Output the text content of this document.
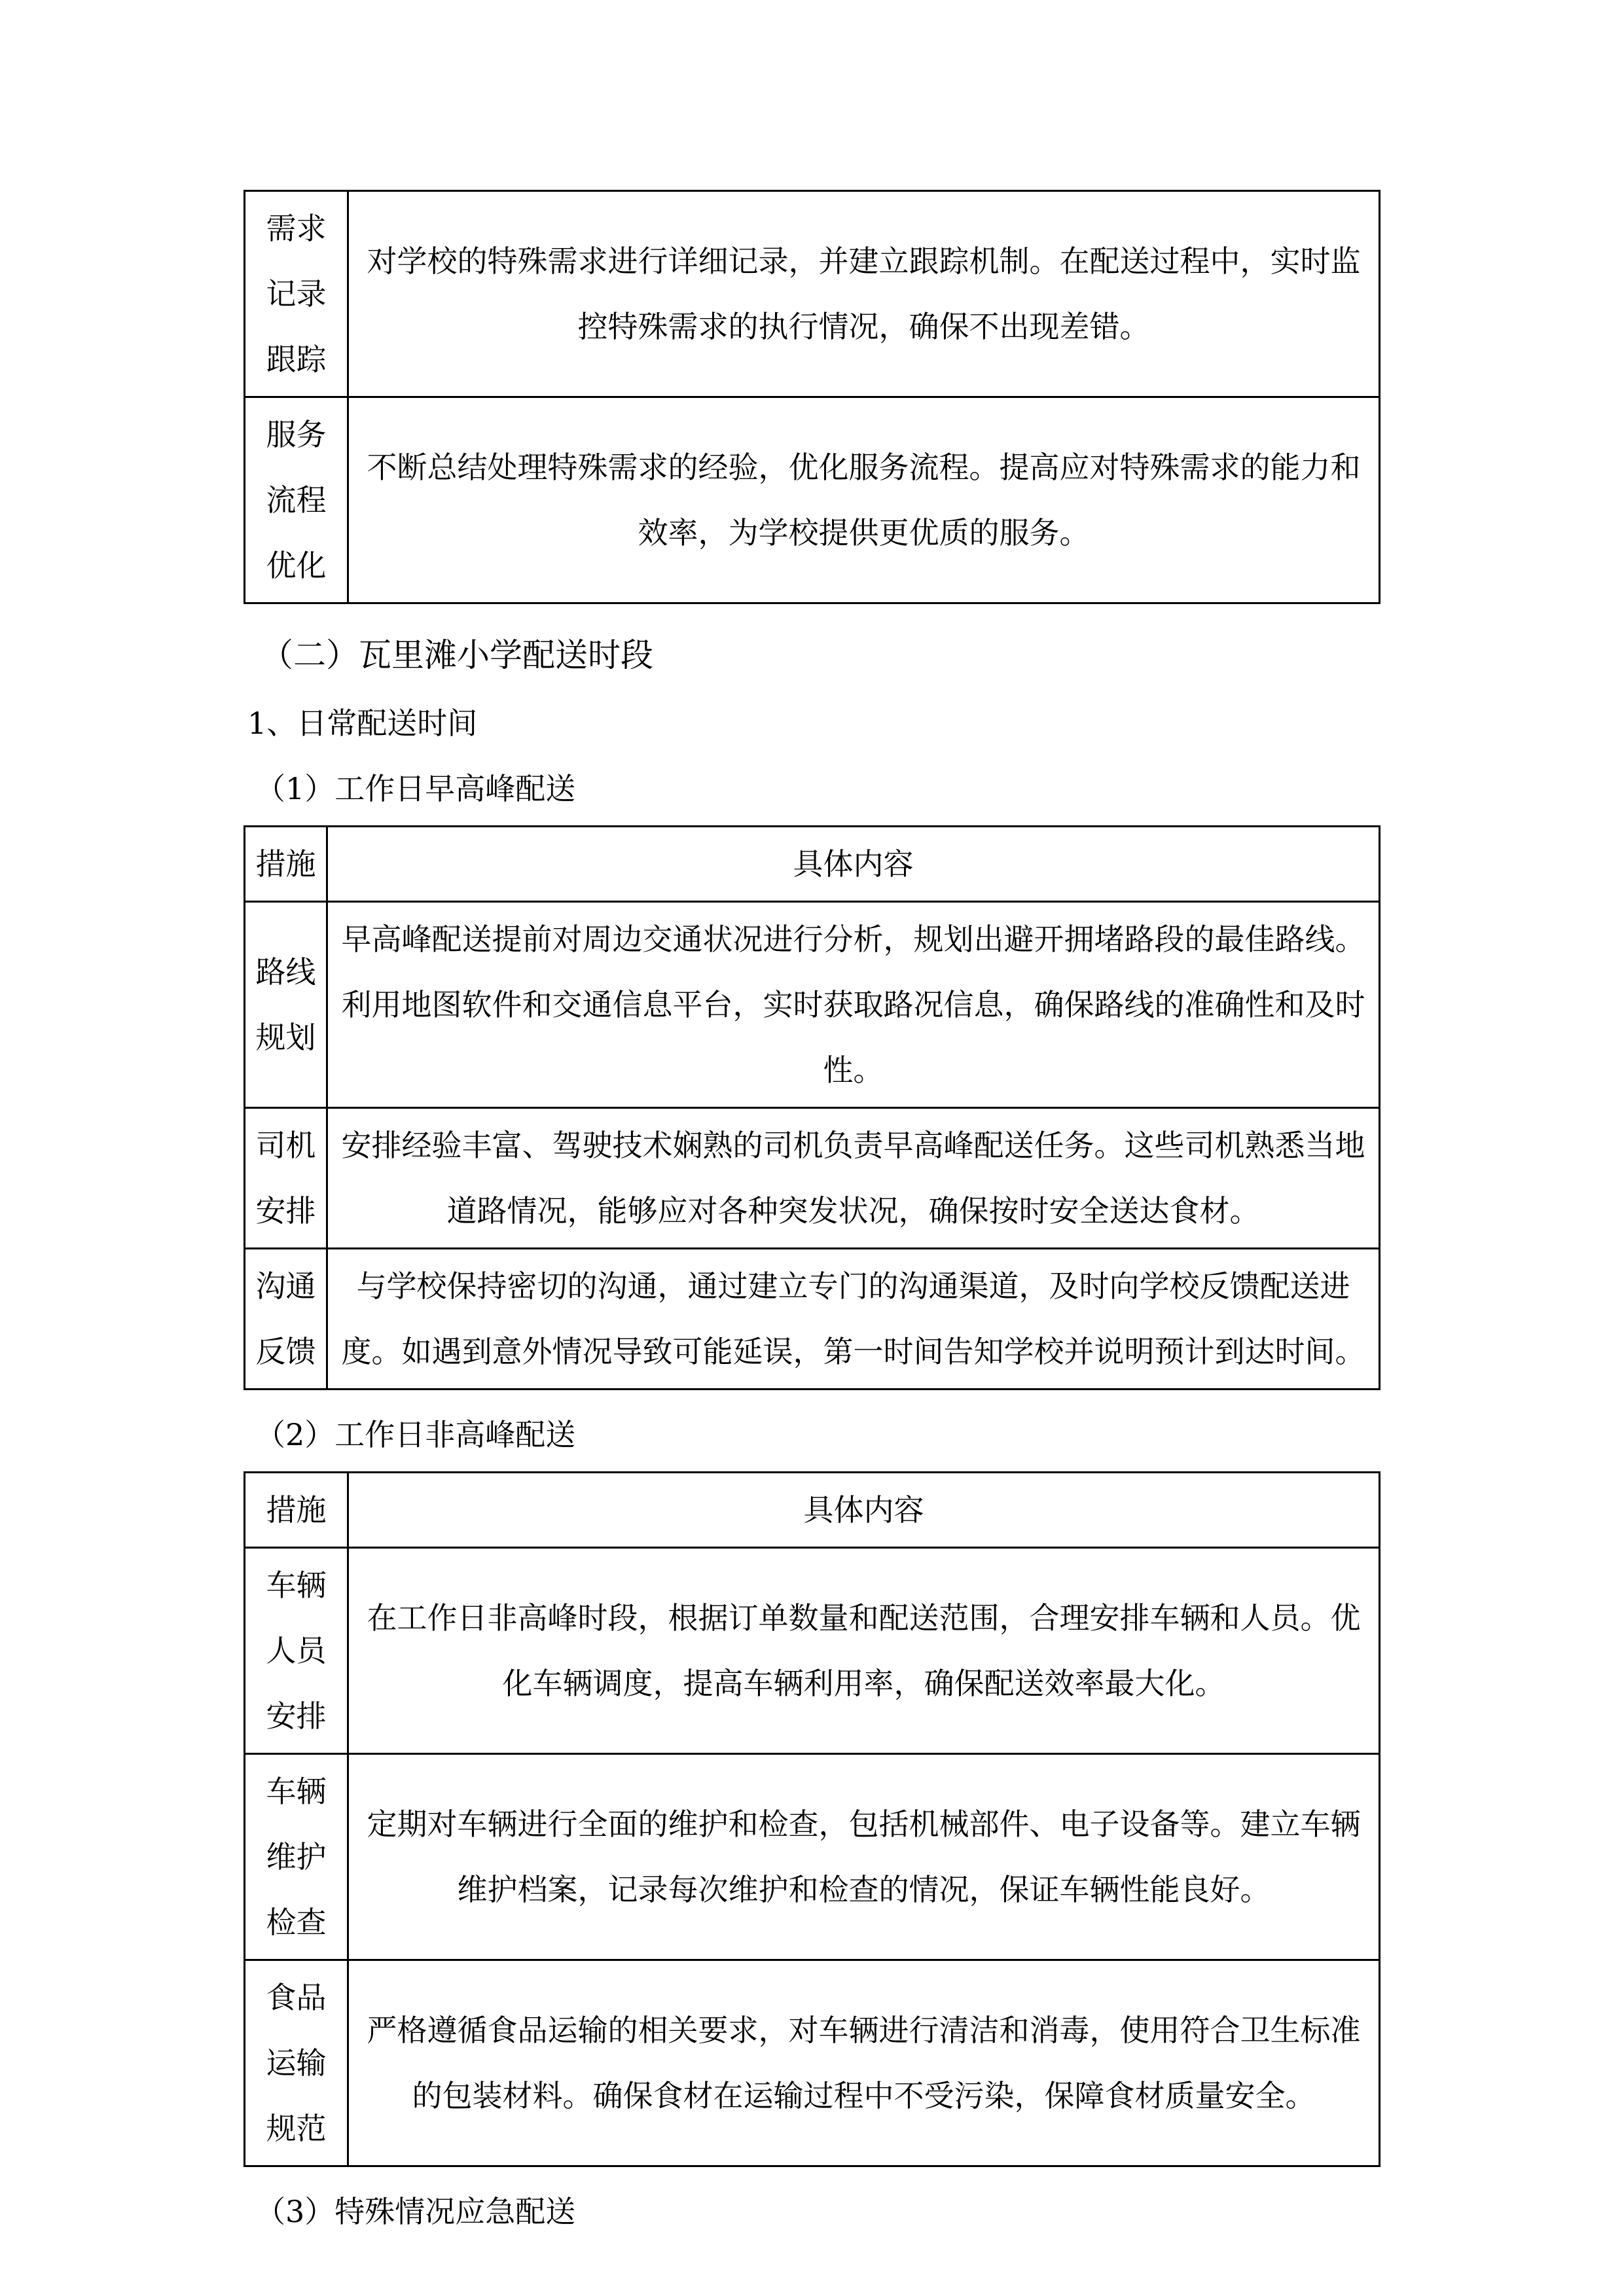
需求记录跟踪	对学校的特殊需求进行详细记录，并建立跟踪机制。在配送过程中，实时监控特殊需求的执行情况，确保不出现差错。
服务流程优化	不断总结处理特殊需求的经验，优化服务流程。提高应对特殊需求的能力和效率，为学校提供更优质的服务。
（二）瓦里滩小学配送时段
1、日常配送时间
（1）工作日早高峰配送
措施	具体内容
路线规划	早高峰配送提前对周边交通状况进行分析，规划出避开拥堵路段的最佳路线。利用地图软件和交通信息平台，实时获取路况信息，确保路线的准确性和及时性。
司机安排	安排经验丰富、驾驶技术娴熟的司机负责早高峰配送任务。这些司机熟悉当地道路情况，能够应对各种突发状况，确保按时安全送达食材。
沟通反馈	与学校保持密切的沟通，通过建立专门的沟通渠道，及时向学校反馈配送进度。如遇到意外情况导致可能延误，第一时间告知学校并说明预计到达时间。
（2）工作日非高峰配送
措施	具体内容
车辆人员安排	在工作日非高峰时段，根据订单数量和配送范围，合理安排车辆和人员。优化车辆调度，提高车辆利用率，确保配送效率最大化。
车辆维护检查	定期对车辆进行全面的维护和检查，包括机械部件、电子设备等。建立车辆维护档案，记录每次维护和检查的情况，保证车辆性能良好。
食品运输规范	严格遵循食品运输的相关要求，对车辆进行清洁和消毒，使用符合卫生标准的包装材料。确保食材在运输过程中不受污染，保障食材质量安全。
（3）特殊情况应急配送
